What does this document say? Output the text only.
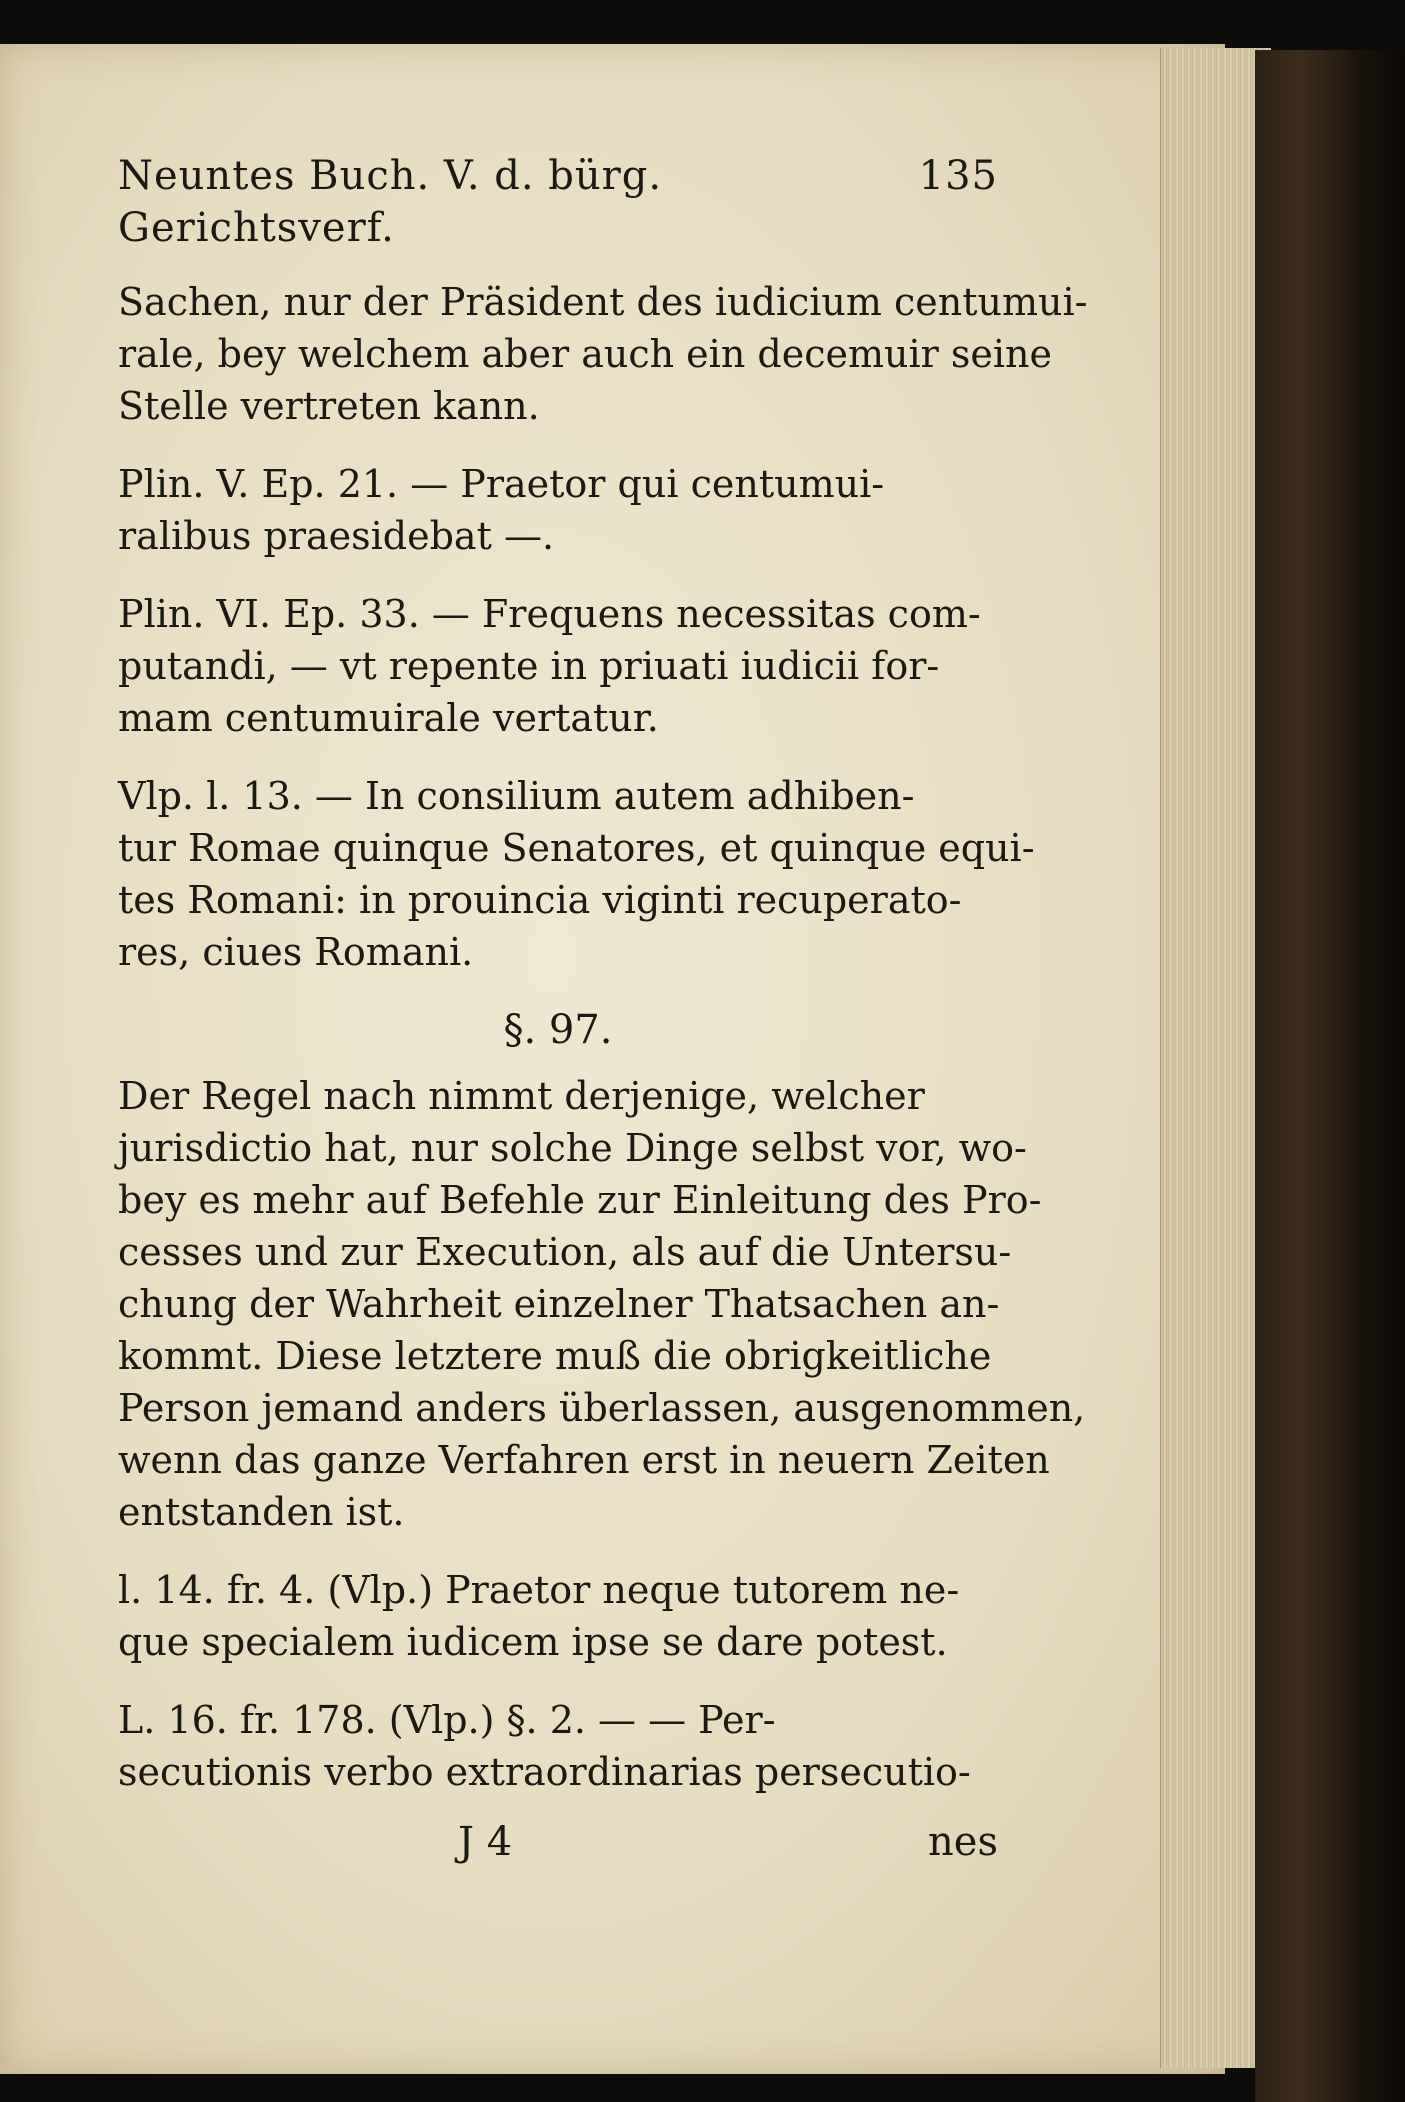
Neuntes Buch. V. d. bürg. Gerichtsverf.
135
Sachen, nur der Präsident des iudicium centumui-
rale, bey welchem aber auch ein decemuir seine
Stelle vertreten kann.
Plin. V. Ep. 21. — Praetor qui centumui-
ralibus praesidebat —.
Plin. VI. Ep. 33. — Frequens necessitas com-
putandi, — vt repente in priuati iudicii for-
mam centumuirale vertatur.
Vlp. l. 13. — In consilium autem adhiben-
tur Romae quinque Senatores, et quinque equi-
tes Romani: in prouincia viginti recuperato-
res, ciues Romani.
§. 97.
Der Regel nach nimmt derjenige, welcher
jurisdictio hat, nur solche Dinge selbst vor, wo-
bey es mehr auf Befehle zur Einleitung des Pro-
cesses und zur Execution, als auf die Untersu-
chung der Wahrheit einzelner Thatsachen an-
kommt. Diese letztere muß die obrigkeitliche
Person jemand anders überlassen, ausgenommen,
wenn das ganze Verfahren erst in neuern Zeiten
entstanden ist.
l. 14. fr. 4. (Vlp.) Praetor neque tutorem ne-
que specialem iudicem ipse se dare potest.
L. 16. fr. 178. (Vlp.) §. 2. — — Per-
secutionis verbo extraordinarias persecutio-
J 4	nes
